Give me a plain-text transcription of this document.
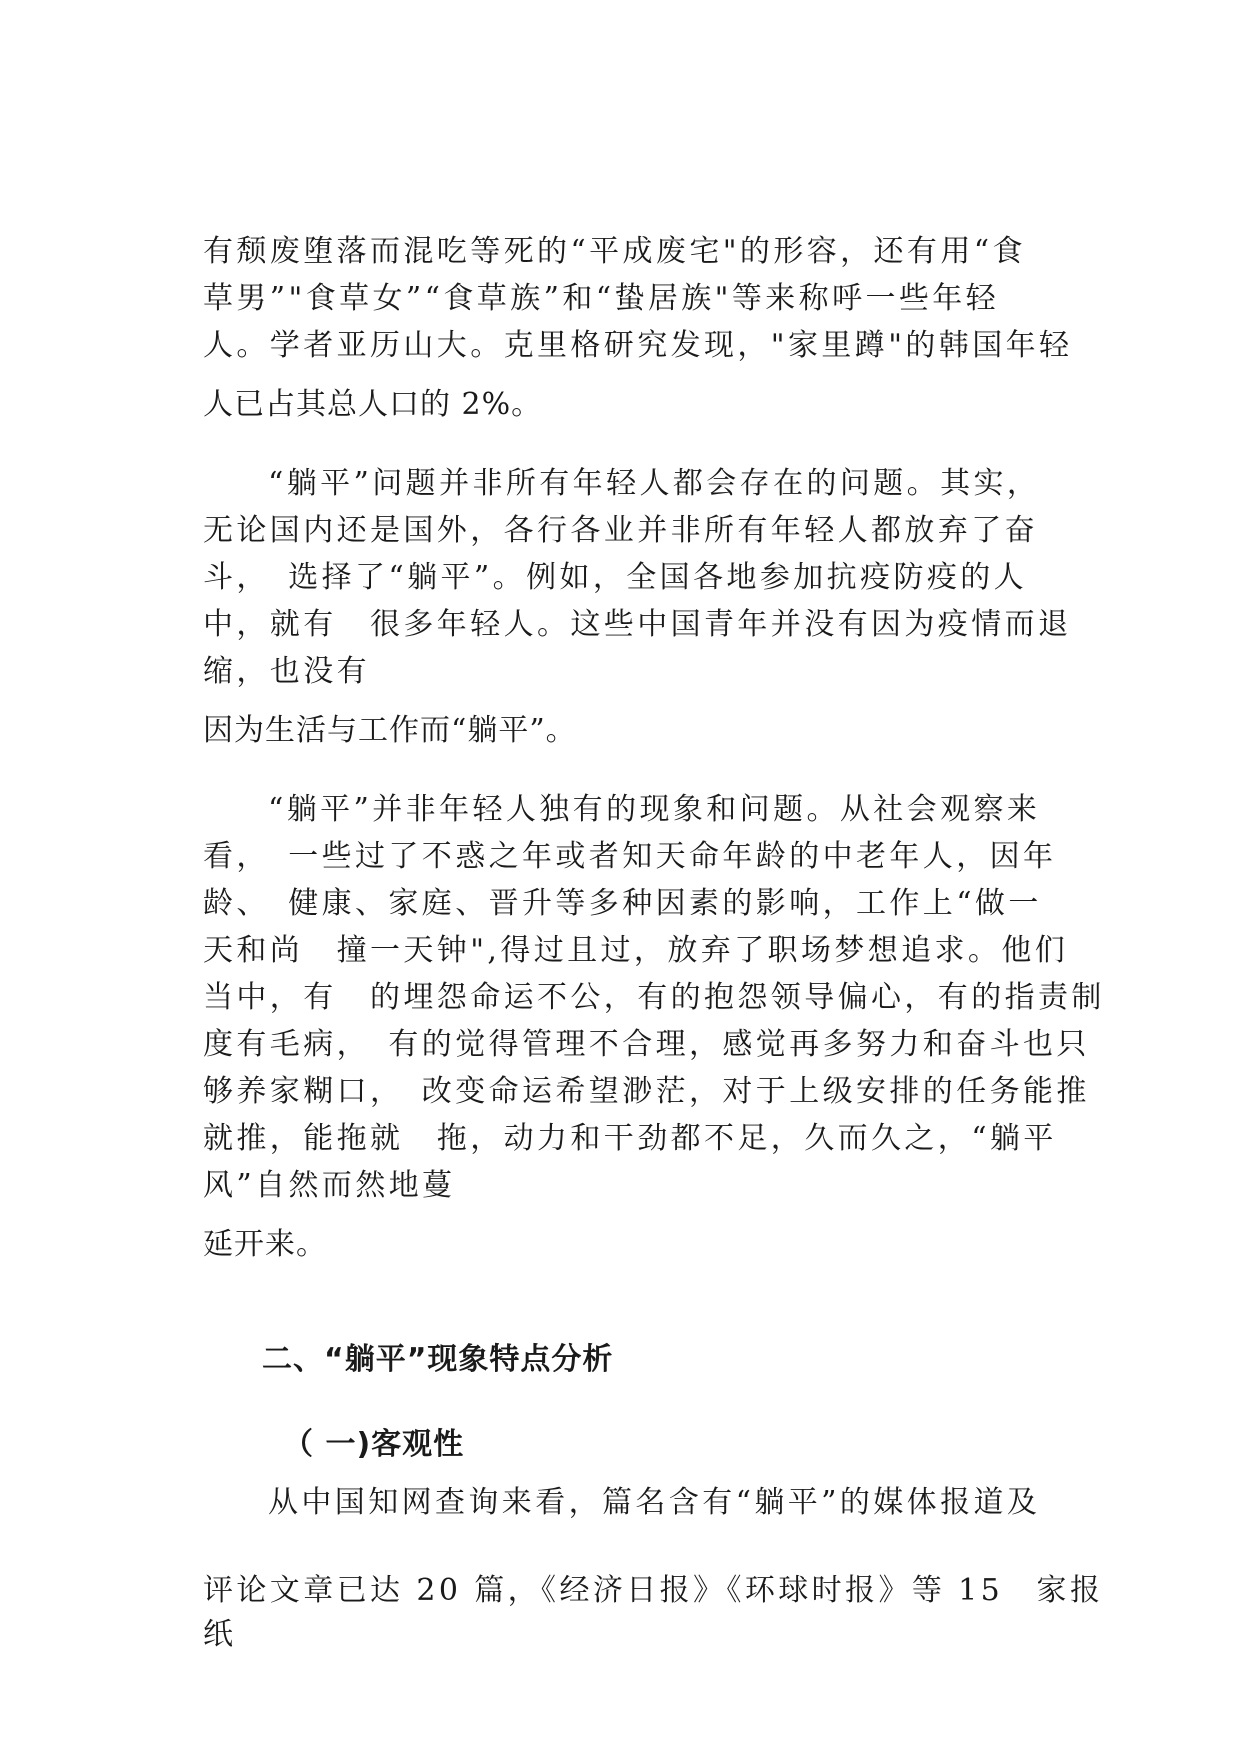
有颓废堕落而混吃等死的“平成废宅"的形容，还有用“食
草男”"食草女”“食草族”和“蛰居族"等来称呼一些年轻
人。学者亚历山大。克里格研究发现，"家里蹲"的韩国年轻
人已占其总人口的 2%。
“躺平”问题并非所有年轻人都会存在的问题。其实，
无论国内还是国外，各行各业并非所有年轻人都放弃了奋
斗，　选择了“躺平”。例如，全国各地参加抗疫防疫的人
中，就有　很多年轻人。这些中国青年并没有因为疫情而退
缩，也没有
因为生活与工作而“躺平”。
“躺平”并非年轻人独有的现象和问题。从社会观察来
看，　一些过了不惑之年或者知天命年龄的中老年人，因年
龄、　健康、家庭、晋升等多种因素的影响，工作上“做一
天和尚　撞一天钟",得过且过，放弃了职场梦想追求。他们
当中，有　的埋怨命运不公，有的抱怨领导偏心，有的指责制
度有毛病，　有的觉得管理不合理，感觉再多努力和奋斗也只
够养家糊口，　改变命运希望渺茫，对于上级安排的任务能推
就推，能拖就　拖，动力和干劲都不足，久而久之，“躺平
风”自然而然地蔓
延开来。
二、“躺平”现象特点分析
（ 一)客观性
从中国知网查询来看，篇名含有“躺平”的媒体报道及
评论文章已达 20 篇，《经济日报》《环球时报》等 15　家报
纸
